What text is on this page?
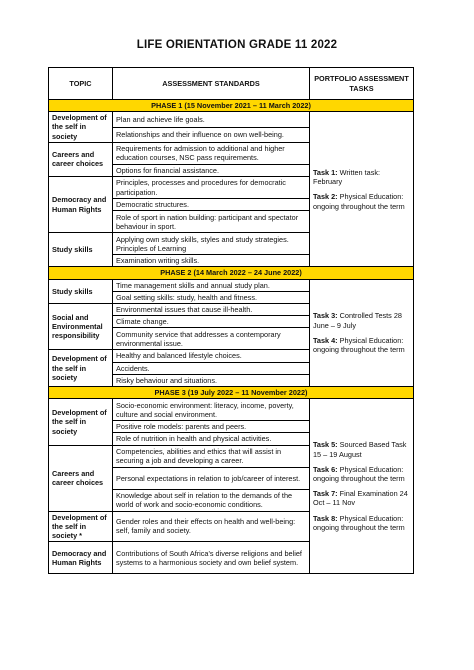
LIFE ORIENTATION GRADE 11 2022
TOPIC	ASSESSMENT STANDARDS	PORTFOLIO ASSESSMENT TASKS
PHASE 1 (15 November 2021 – 11 March 2022)		
Development of the self in society	Plan and achieve life goals.	Task 1: Written task: February
Task 2: Physical Education: ongoing throughout the term

	Relationships and their influence on own well-being.	
Careers and career choices	Requirements for admission to additional and higher education courses, NSC pass requirements.	
	Options for financial assistance.	
Democracy and Human Rights	Principles, processes and procedures for democratic participation.	
	Democratic structures.	
	Role of sport in nation building: participant and spectator behaviour in sport.	
Study skills	Applying own study skills, styles and study strategies. Principles of Learning	
	Examination writing skills.	
PHASE 2 (14 March 2022 – 24 June 2022)		
Study skills	Time management skills and annual study plan.	Task 3: Controlled Tests 28 June – 9 July
Task 4: Physical Education: ongoing throughout the term

	Goal setting skills: study, health and fitness.	
Social and Environmental responsibility	Environmental issues that cause ill-health.	
	Climate change.	
	Community service that addresses a contemporary environmental issue.	
Development of the self in society	Healthy and balanced lifestyle choices.	
	Accidents.	
	Risky behaviour and situations.	
PHASE 3 (19 July 2022 – 11 November 2022)		
Development of the self in society	Socio-economic environment: literacy, income, poverty, culture and social environment.	Task 5: Sourced Based Task 15 – 19 August
Task 6: Physical Education: ongoing throughout the term
Task 7: Final Examination 24 Oct – 11 Nov
Task 8: Physical Education: ongoing throughout the term

	Positive role models: parents and peers.	
	Role of nutrition in health and physical activities.	
Careers and career choices	Competencies, abilities and ethics that will assist in securing a job and developing a career.	
	Personal expectations in relation to job/career of interest.	
	Knowledge about self in relation to the demands of the world of work and socio-economic conditions.	
Development of the self in society *	Gender roles and their effects on health and well-being: self, family and society.	
Democracy and Human Rights	Contributions of South Africa's diverse religions and belief systems to a harmonious society and own belief system.	
